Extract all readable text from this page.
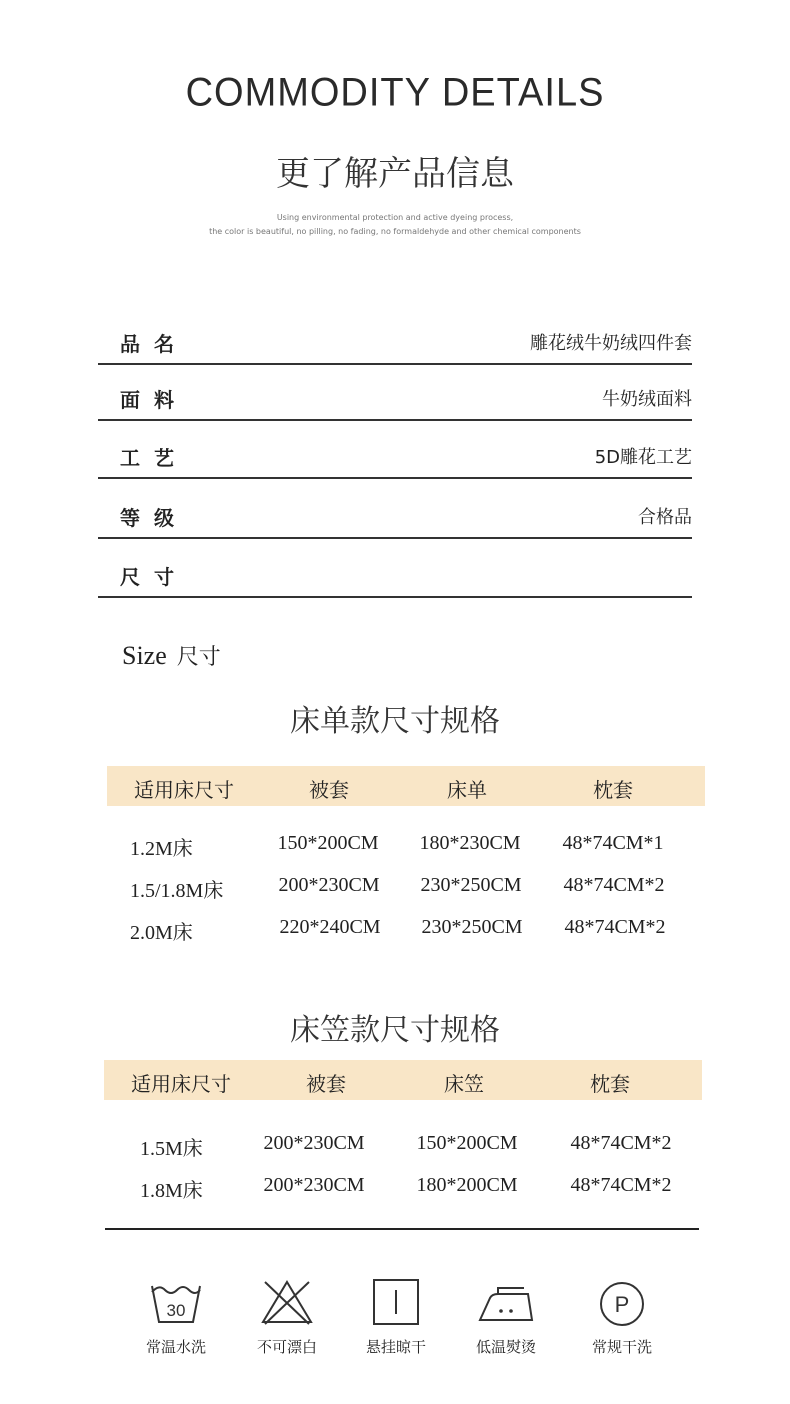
COMMODITY DETAILS
更了解产品信息
Using environmental protection and active dyeing process,
the color is beautiful, no pilling, no fading, no formaldehyde and other chemical components
品名	雕花绒牛奶绒四件套
面料	牛奶绒面料
工艺	5D雕花工艺
等级	合格品
尺寸
Size 尺寸
床单款尺寸规格
适用床尺寸	被套	床单	枕套
1.2M床	150*200CM	180*230CM	48*74CM*1
1.5/1.8M床	200*230CM	230*250CM	48*74CM*2
2.0M床	220*240CM	230*250CM	48*74CM*2
床笠款尺寸规格
适用床尺寸	被套	床笠	枕套
1.5M床	200*230CM	150*200CM	48*74CM*2
1.8M床	200*230CM	180*200CM	48*74CM*2
30
常温水洗	不可漂白	悬挂晾干	低温熨烫
P
常规干洗
